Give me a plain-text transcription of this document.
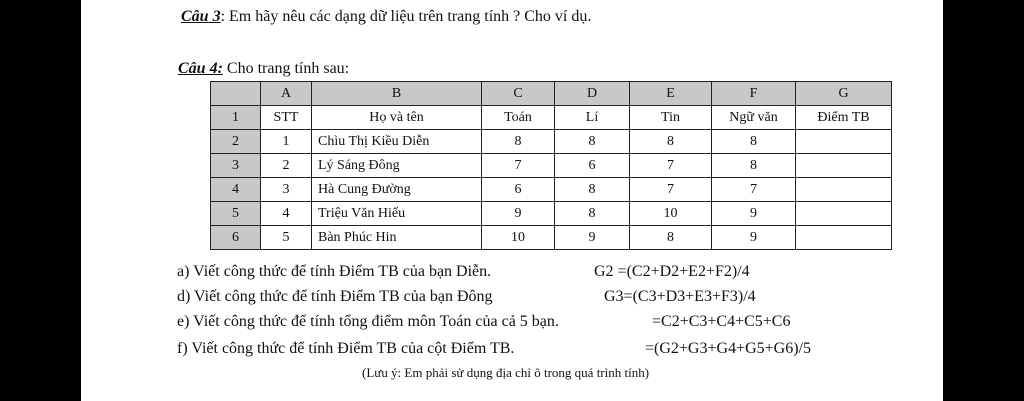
Câu 3: Em hãy nêu các dạng dữ liệu trên trang tính ? Cho ví dụ.
Câu 4: Cho trang tính sau:
	A	B	C	D	E	F	G
1	STT	Họ và tên	Toán	Lí	Tin	Ngữ văn	Điểm TB
2	1	Chìu Thị Kiều Diễn	8	8	8	8	
3	2	Lý Sáng Đông	7	6	7	8	
4	3	Hà Cung Đường	6	8	7	7	
5	4	Triệu Văn Hiếu	9	8	10	9	
6	5	Bàn Phúc Hin	10	9	8	9	
a) Viết công thức để tính Điểm TB của bạn Diễn.	G2 =(C2+D2+E2+F2)/4
d) Viết công thức để tính Điểm TB của bạn Đông	G3=(C3+D3+E3+F3)/4
e) Viết công thức để tính tổng điểm môn Toán của cả 5 bạn.	=C2+C3+C4+C5+C6
f) Viết công thức để tính Điểm TB của cột Điểm TB.	=(G2+G3+G4+G5+G6)/5
(Lưu ý: Em phải sử dụng địa chỉ ô trong quá trình tính)
